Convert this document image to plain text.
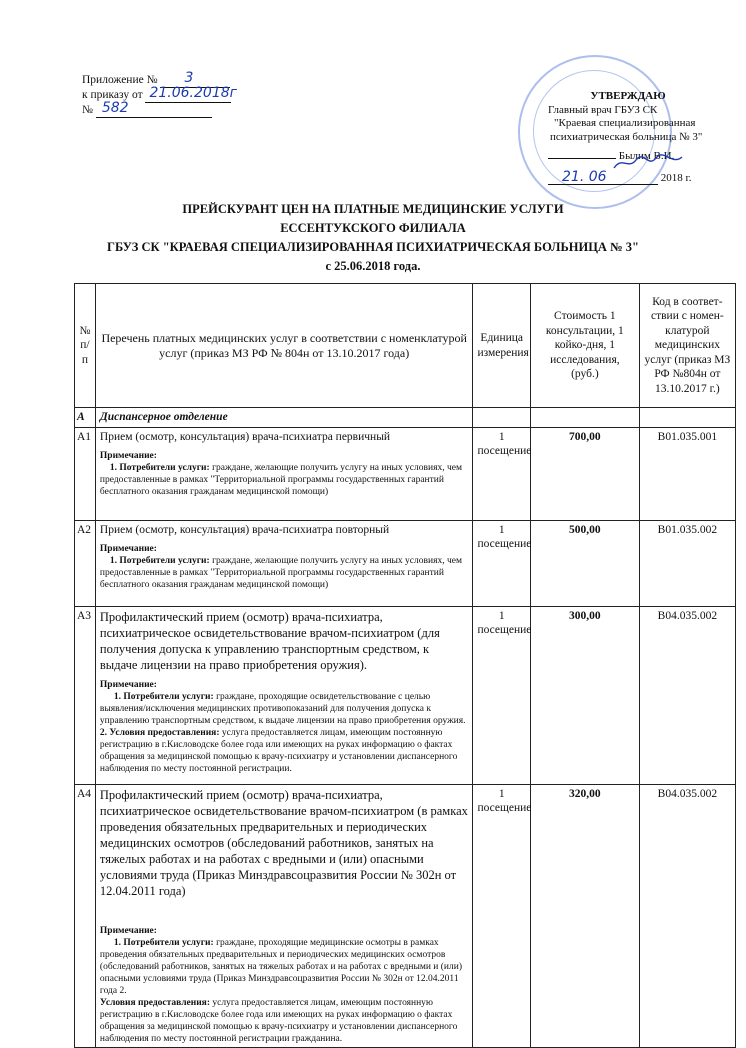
Приложение № 3
к приказу от 21.06.2018г
№ 582
УТВЕРЖДАЮ
Главный врач ГБУЗ СК
"Краевая специализированная
психиатрическая больница № 3"
Былим В.И.
21. 06	2018 г.
ПРЕЙСКУРАНТ ЦЕН НА ПЛАТНЫЕ МЕДИЦИНСКИЕ УСЛУГИ
ЕССЕНТУКСКОГО ФИЛИАЛА
ГБУЗ СК "КРАЕВАЯ СПЕЦИАЛИЗИРОВАННАЯ ПСИХИАТРИЧЕСКАЯ БОЛЬНИЦА № 3"
с 25.06.2018 года.
№ п/п	Перечень платных медицинских услуг в соответствии с номенклатурой услуг (приказ МЗ РФ № 804н от 13.10.2017 года)	Единица измерения	Стоимость 1 консультации, 1 койко-дня, 1 исследования, (руб.)	Код в соответ-ствии с номен-клатурой медицинских услуг (приказ МЗ РФ №804н от 13.10.2017 г.)
А	Диспансерное отделение			
А1	Прием (осмотр, консультация) врача-психиатра первичный

Примечание:

1. Потребители услуги: граждане, желающие получить услугу на иных условиях, чем предоставленные в рамках "Территориальной программы государственных гарантий бесплатного оказания гражданам медицинской помощи)	1 посещение	700,00	B01.035.001
А2	Прием (осмотр, консультация) врача-психиатра повторный

Примечание:

1. Потребители услуги: граждане, желающие получить услугу на иных условиях, чем предоставленные в рамках "Территориальной программы государственных гарантий бесплатного оказания гражданам медицинской помощи)	1 посещение	500,00	B01.035.002
А3	Профилактический прием (осмотр) врача-психиатра, психиатрическое освидетельствование врачом-психиатром (для получения допуска к управлению транспортным средством, к выдаче лицензии на право приобретения оружия).

Примечание:

1. Потребители услуги: граждане, проходящие освидетельствование с целью выявления/исключения медицинских противопоказаний для получения допуска к управлению транспортным средством, к выдаче лицензии на право приобретения оружия.

2. Условия предоставления: услуга предоставляется лицам, имеющим постоянную регистрацию в г.Кисловодске более года или имеющих на руках информацию о фактах обращения за медицинской помощью к врачу-психиатру и установлении диспансерного наблюдения по месту постоянной регистрации.	1 посещение	300,00	B04.035.002
А4	Профилактический прием (осмотр) врача-психиатра, психиатрическое освидетельствование врачом-психиатром (в рамках проведения обязательных предварительных и периодических медицинских осмотров (обследований работников, занятых на тяжелых работах и на работах с вредными и (или) опасными условиями труда (Приказ Минздравсоцразвития России № 302н от 12.04.2011 года)

Примечание:

1. Потребители услуги: граждане, проходящие медицинские осмотры в рамках проведения обязательных предварительных и периодических медицинских осмотров (обследований работников, занятых на тяжелых работах и на работах с вредными и (или) опасными условиями труда (Приказ Минздравсоцразвития России № 302н от 12.04.2011 года 2.

Условия предоставления: услуга предоставляется лицам, имеющим постоянную регистрацию в г.Кисловодске более года или имеющих на руках информацию о фактах обращения за медицинской помощью к врачу-психиатру и установлении диспансерного наблюдения по месту постоянной регистрации гражданина.	1 посещение	320,00	B04.035.002
